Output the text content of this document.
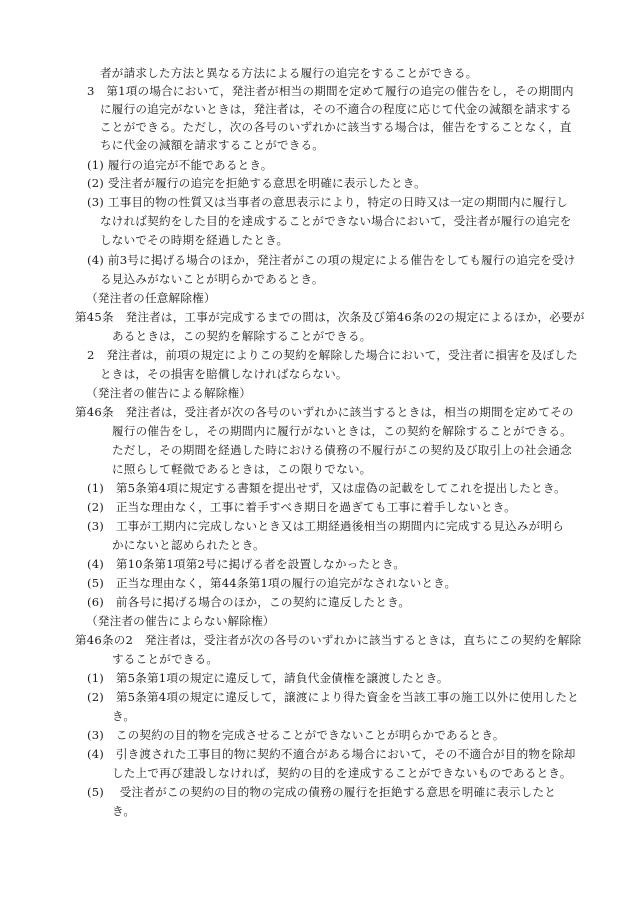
者が請求した方法と異なる方法による履行の追完をすることができる。
3　第1項の場合において，発注者が相当の期間を定めて履行の追完の催告をし，その期間内
に履行の追完がないときは，発注者は，その不適合の程度に応じて代金の減額を請求する
ことができる。ただし，次の各号のいずれかに該当する場合は，催告をすることなく，直
ちに代金の減額を請求することができる。
(1) 履行の追完が不能であるとき。
(2) 受注者が履行の追完を拒絶する意思を明確に表示したとき。
(3) 工事目的物の性質又は当事者の意思表示により，特定の日時又は一定の期間内に履行し
なければ契約をした目的を達成することができない場合において，受注者が履行の追完を
しないでその時期を経過したとき。
(4) 前3号に掲げる場合のほか，発注者がこの項の規定による催告をしても履行の追完を受け
る見込みがないことが明らかであるとき。
（発注者の任意解除権）
第45条　発注者は，工事が完成するまでの間は，次条及び第46条の2の規定によるほか，必要が
あるときは，この契約を解除することができる。
2　発注者は，前項の規定によりこの契約を解除した場合において，受注者に損害を及ぼした
ときは，その損害を賠償しなければならない。
（発注者の催告による解除権）
第46条　発注者は，受注者が次の各号のいずれかに該当するときは，相当の期間を定めてその
履行の催告をし，その期間内に履行がないときは，この契約を解除することができる。
ただし，その期間を経過した時における債務の不履行がこの契約及び取引上の社会通念
に照らして軽微であるときは，この限りでない。
(1)　第5条第4項に規定する書類を提出せず，又は虚偽の記載をしてこれを提出したとき。
(2)　正当な理由なく，工事に着手すべき期日を過ぎても工事に着手しないとき。
(3)　工事が工期内に完成しないとき又は工期経過後相当の期間内に完成する見込みが明ら
かにないと認められたとき。
(4)　第10条第1項第2号に掲げる者を設置しなかったとき。
(5)　正当な理由なく，第44条第1項の履行の追完がなされないとき。
(6)　前各号に掲げる場合のほか，この契約に違反したとき。
（発注者の催告によらない解除権）
第46条の2　発注者は，受注者が次の各号のいずれかに該当するときは，直ちにこの契約を解除
することができる。
(1)　第5条第1項の規定に違反して，請負代金債権を譲渡したとき。
(2)　第5条第4項の規定に違反して，譲渡により得た資金を当該工事の施工以外に使用したと
き。
(3)　この契約の目的物を完成させることができないことが明らかであるとき。
(4)　引き渡された工事目的物に契約不適合がある場合において，その不適合が目的物を除却
した上で再び建設しなければ，契約の目的を達成することができないものであるとき。
(5)　 受注者がこの契約の目的物の完成の債務の履行を拒絶する意思を明確に表示したと
き。
